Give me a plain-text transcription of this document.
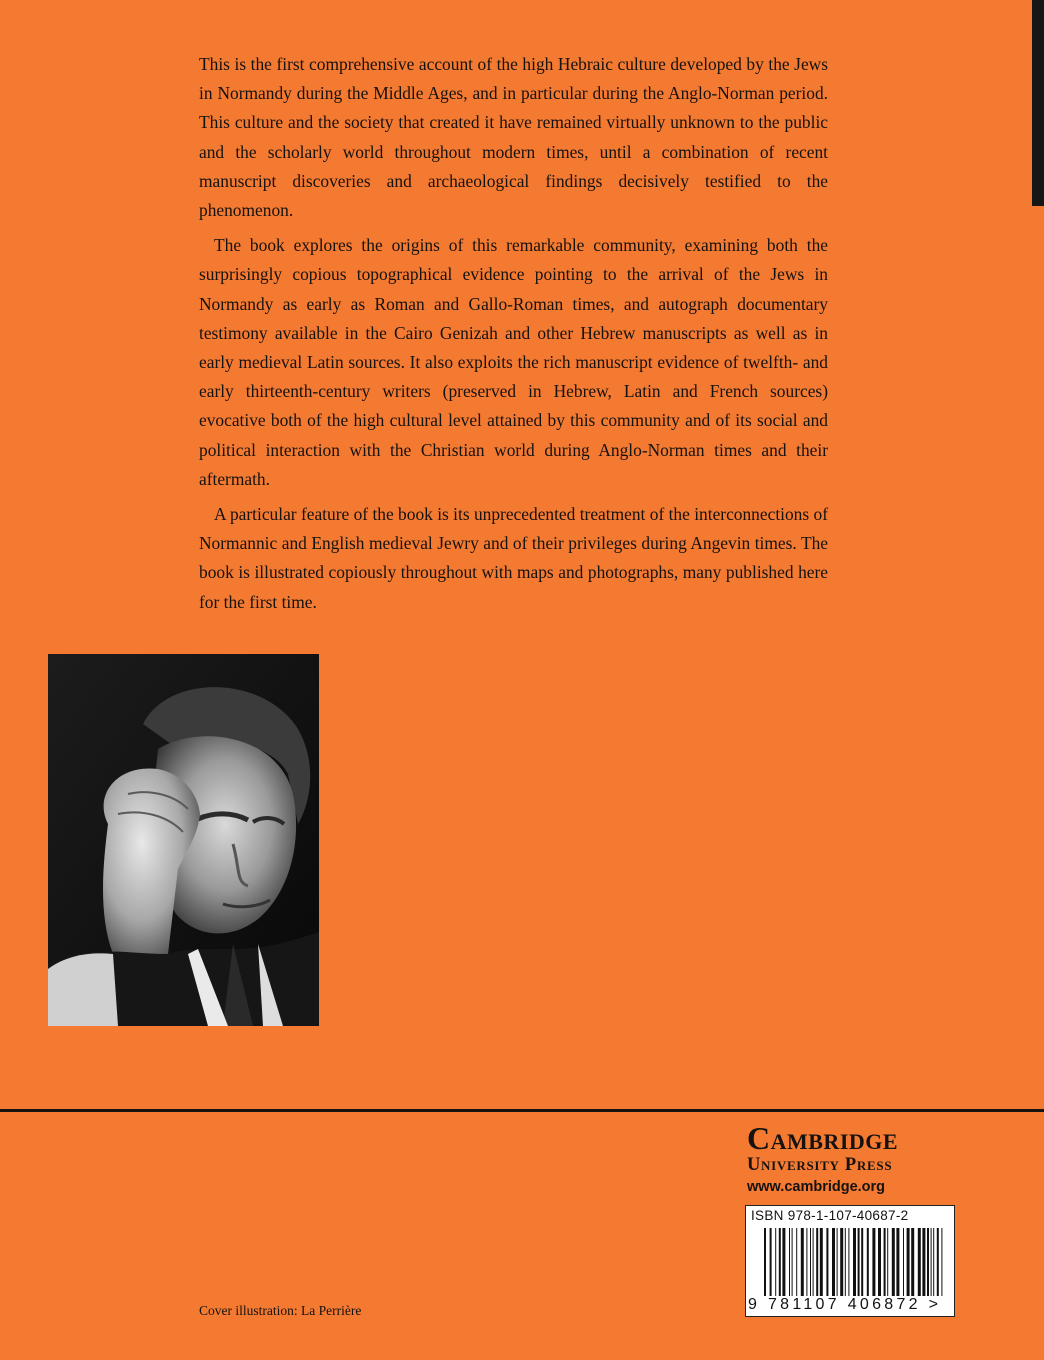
This is the first comprehensive account of the high Hebraic culture developed by the Jews in Normandy during the Middle Ages, and in particular during the Anglo-Norman period. This culture and the society that created it have remained virtually unknown to the public and the scholarly world throughout modern times, until a combination of recent manuscript discoveries and archaeological findings decisively testified to the phenomenon.

The book explores the origins of this remarkable community, examining both the surprisingly copious topographical evidence pointing to the arrival of the Jews in Normandy as early as Roman and Gallo-Roman times, and autograph documentary testimony available in the Cairo Genizah and other Hebrew manuscripts as well as in early medieval Latin sources. It also exploits the rich manuscript evidence of twelfth- and early thirteenth-century writers (preserved in Hebrew, Latin and French sources) evocative both of the high cultural level attained by this community and of its social and political interaction with the Christian world during Anglo-Norman times and their aftermath.

A particular feature of the book is its unprecedented treatment of the interconnections of Normannic and English medieval Jewry and of their privileges during Angevin times. The book is illustrated copiously throughout with maps and photographs, many published here for the first time.

Cambridge
University Press
www.cambridge.org
ISBN 978-1-107-40687-2
9 781107 406872 >
Cover illustration: La Perrière
